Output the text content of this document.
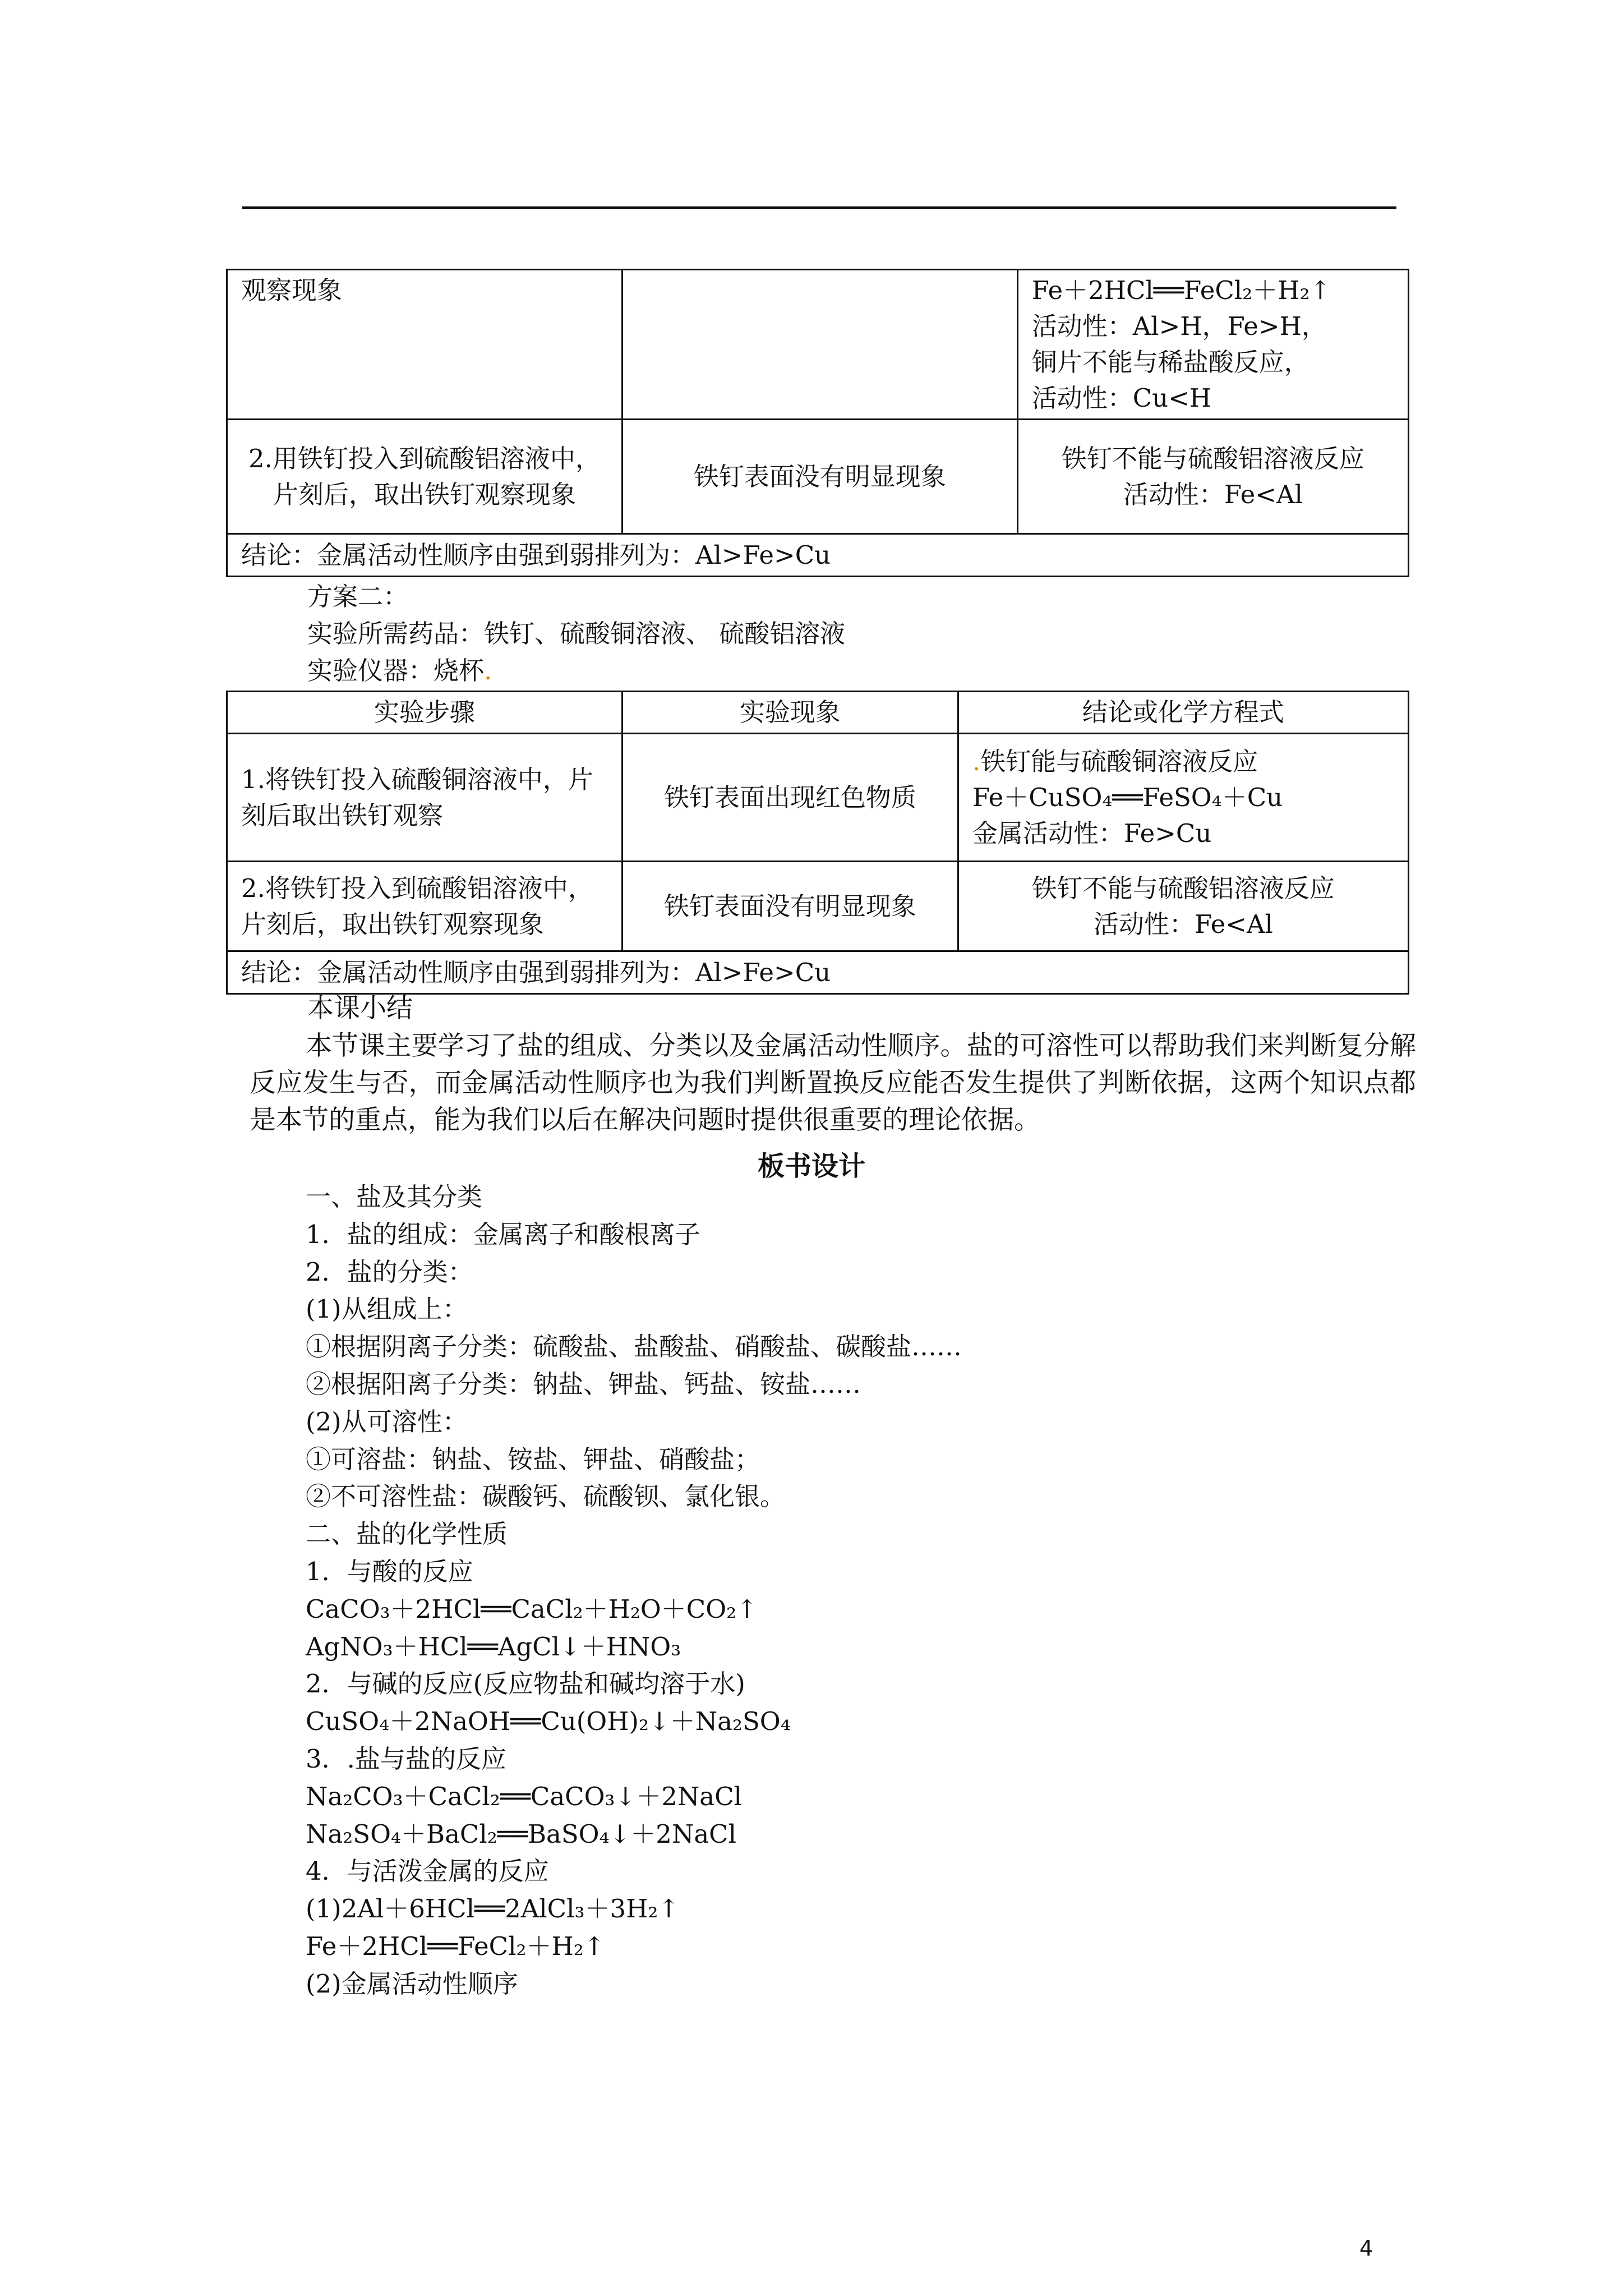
观察现象		Fe＋2HCl══FeCl₂＋H₂↑
活动性：Al>H，Fe>H，
铜片不能与稀盐酸反应，
活动性：Cu<H

2.用铁钉投入到硫酸铝溶液中，片刻后，取出铁钉观察现象	铁钉表面没有明显现象	铁钉不能与硫酸铝溶液反应
活动性：Fe<Al

结论：金属活动性顺序由强到弱排列为：Al>Fe>Cu		
方案二：
实验所需药品：铁钉、硫酸铜溶液、 硫酸铝溶液
实验仪器：烧杯.
实验步骤	实验现象	结论或化学方程式
1.将铁钉投入硫酸铜溶液中，片刻后取出铁钉观察	铁钉表面出现红色物质	.铁钉能与硫酸铜溶液反应
Fe＋CuSO₄══FeSO₄＋Cu
金属活动性：Fe>Cu

2.将铁钉投入到硫酸铝溶液中，片刻后，取出铁钉观察现象	铁钉表面没有明显现象	铁钉不能与硫酸铝溶液反应
活动性：Fe<Al

结论：金属活动性顺序由强到弱排列为：Al>Fe>Cu		
本课小结
本节课主要学习了盐的组成、分类以及金属活动性顺序。盐的可溶性可以帮助我们来判断复分解反应发生与否，而金属活动性顺序也为我们判断置换反应能否发生提供了判断依据，这两个知识点都是本节的重点，能为我们以后在解决问题时提供很重要的理论依据。
板书设计
一、盐及其分类
1．盐的组成：金属离子和酸根离子
2．盐的分类：
(1)从组成上：
①根据阴离子分类：硫酸盐、盐酸盐、硝酸盐、碳酸盐……
②根据阳离子分类：钠盐、钾盐、钙盐、铵盐……
(2)从可溶性：
①可溶盐：钠盐、铵盐、钾盐、硝酸盐；
②不可溶性盐：碳酸钙、硫酸钡、氯化银。
二、盐的化学性质
1．与酸的反应
CaCO₃＋2HCl══CaCl₂＋H₂O＋CO₂↑
AgNO₃＋HCl══AgCl↓＋HNO₃
2．与碱的反应(反应物盐和碱均溶于水)
CuSO₄＋2NaOH══Cu(OH)₂↓＋Na₂SO₄
3．.盐与盐的反应
Na₂CO₃＋CaCl₂══CaCO₃↓＋2NaCl
Na₂SO₄＋BaCl₂══BaSO₄↓＋2NaCl
4．与活泼金属的反应
(1)2Al＋6HCl══2AlCl₃＋3H₂↑
Fe＋2HCl══FeCl₂＋H₂↑
(2)金属活动性顺序
4
